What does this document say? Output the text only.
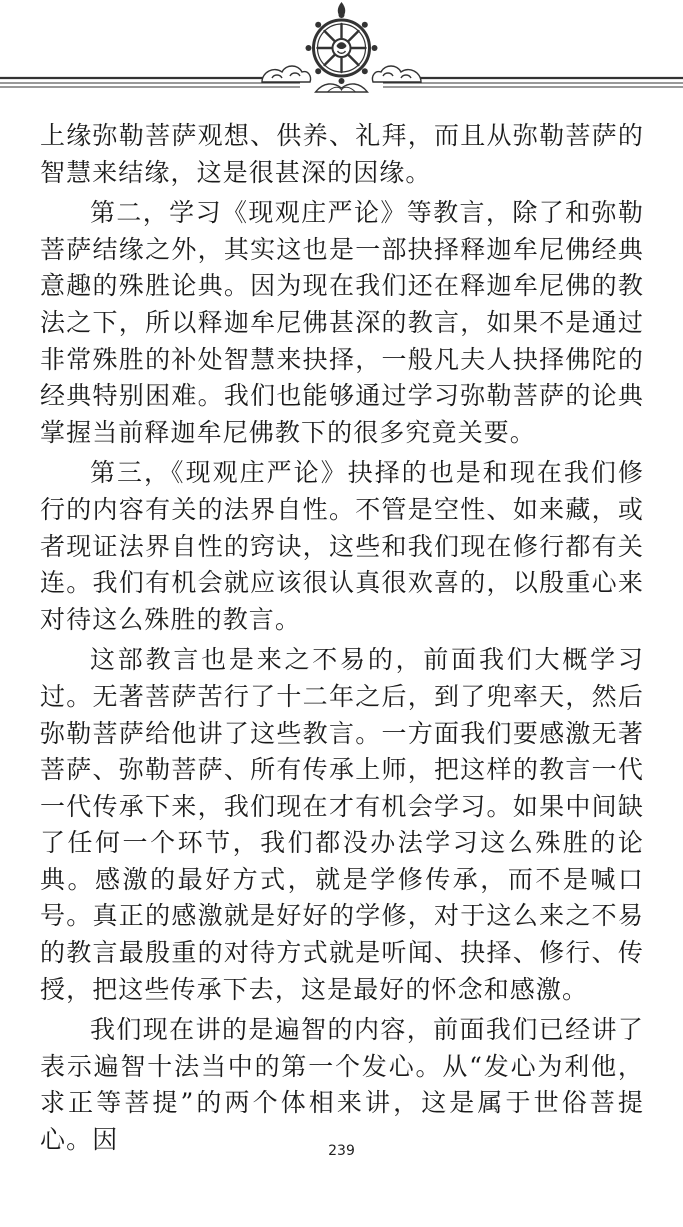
上缘弥勒菩萨观想、供养、礼拜，而且从弥勒菩萨的智慧来结缘，这是很甚深的因缘。

第二，学习《现观庄严论》等教言，除了和弥勒菩萨结缘之外，其实这也是一部抉择释迦牟尼佛经典意趣的殊胜论典。因为现在我们还在释迦牟尼佛的教法之下，所以释迦牟尼佛甚深的教言，如果不是通过非常殊胜的补处智慧来抉择，一般凡夫人抉择佛陀的经典特别困难。我们也能够通过学习弥勒菩萨的论典掌握当前释迦牟尼佛教下的很多究竟关要。

第三，《现观庄严论》抉择的也是和现在我们修行的内容有关的法界自性。不管是空性、如来藏，或者现证法界自性的窍诀，这些和我们现在修行都有关连。我们有机会就应该很认真很欢喜的，以殷重心来对待这么殊胜的教言。

这部教言也是来之不易的，前面我们大概学习过。无著菩萨苦行了十二年之后，到了兜率天，然后弥勒菩萨给他讲了这些教言。一方面我们要感激无著菩萨、弥勒菩萨、所有传承上师，把这样的教言一代一代传承下来，我们现在才有机会学习。如果中间缺了任何一个环节，我们都没办法学习这么殊胜的论典。感激的最好方式，就是学修传承，而不是喊口号。真正的感激就是好好的学修，对于这么来之不易的教言最殷重的对待方式就是听闻、抉择、修行、传授，把这些传承下去，这是最好的怀念和感激。

我们现在讲的是遍智的内容，前面我们已经讲了表示遍智十法当中的第一个发心。从“发心为利他，求正等菩提”的两个体相来讲，这是属于世俗菩提心。因	239
